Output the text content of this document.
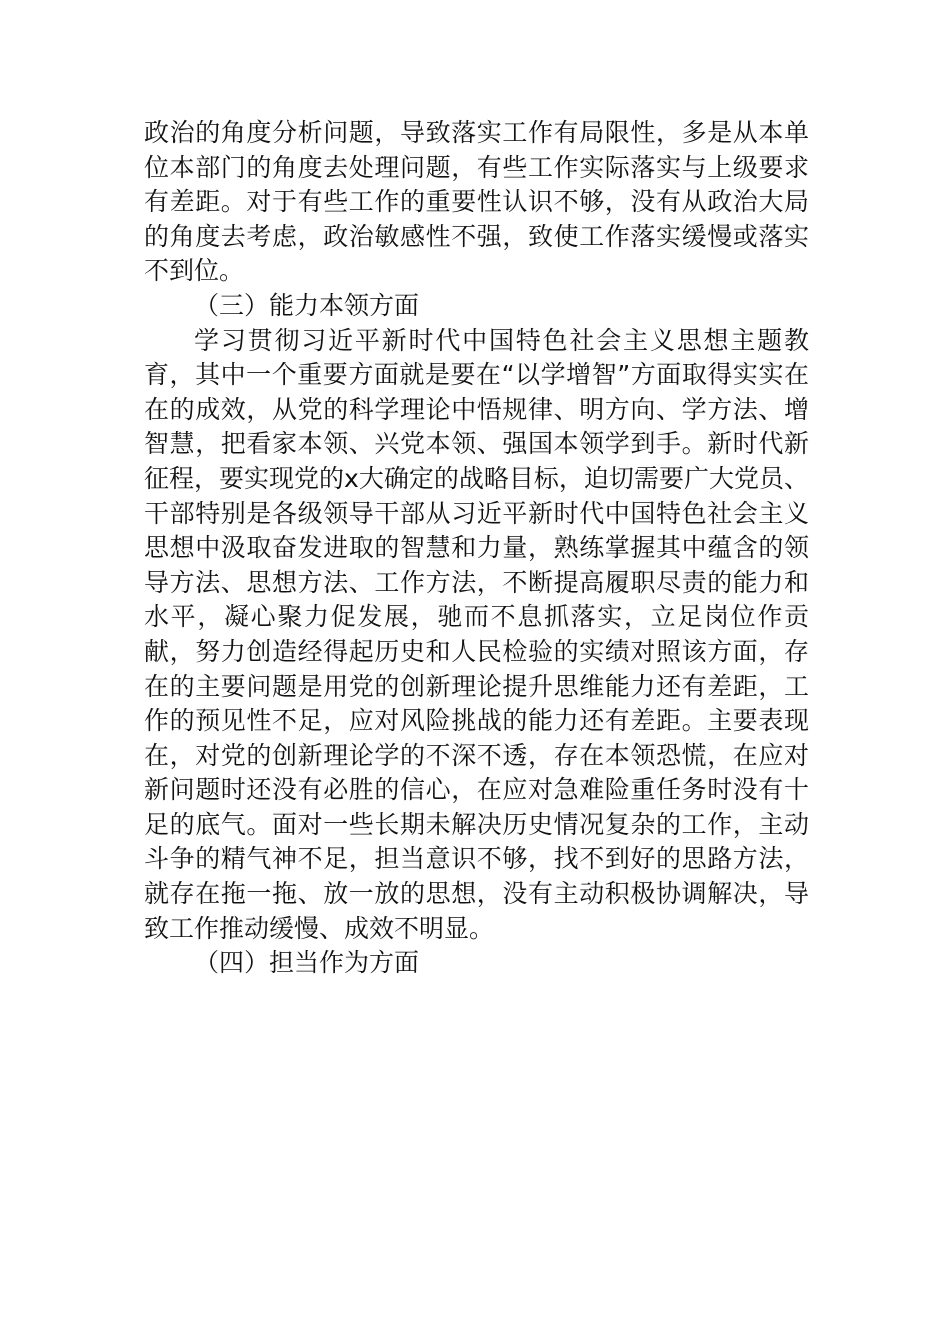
政治的角度分析问题，导致落实工作有局限性，多是从本单位本部门的角度去处理问题，有些工作实际落实与上级要求有差距。对于有些工作的重要性认识不够，没有从政治大局的角度去考虑，政治敏感性不强，致使工作落实缓慢或落实不到位。

（三）能力本领方面

学习贯彻习近平新时代中国特色社会主义思想主题教育，其中一个重要方面就是要在“以学增智”方面取得实实在在的成效，从党的科学理论中悟规律、明方向、学方法、增智慧，把看家本领、兴党本领、强国本领学到手。新时代新征程，要实现党的x大确定的战略目标，迫切需要广大党员、干部特别是各级领导干部从习近平新时代中国特色社会主义思想中汲取奋发进取的智慧和力量，熟练掌握其中蕴含的领导方法、思想方法、工作方法，不断提高履职尽责的能力和水平，凝心聚力促发展，驰而不息抓落实，立足岗位作贡献，努力创造经得起历史和人民检验的实绩对照该方面，存在的主要问题是用党的创新理论提升思维能力还有差距，工作的预见性不足，应对风险挑战的能力还有差距。主要表现在，对党的创新理论学的不深不透，存在本领恐慌，在应对新问题时还没有必胜的信心，在应对急难险重任务时没有十足的底气。面对一些长期未解决历史情况复杂的工作，主动斗争的精气神不足，担当意识不够，找不到好的思路方法，就存在拖一拖、放一放的思想，没有主动积极协调解决，导致工作推动缓慢、成效不明显。

（四）担当作为方面
